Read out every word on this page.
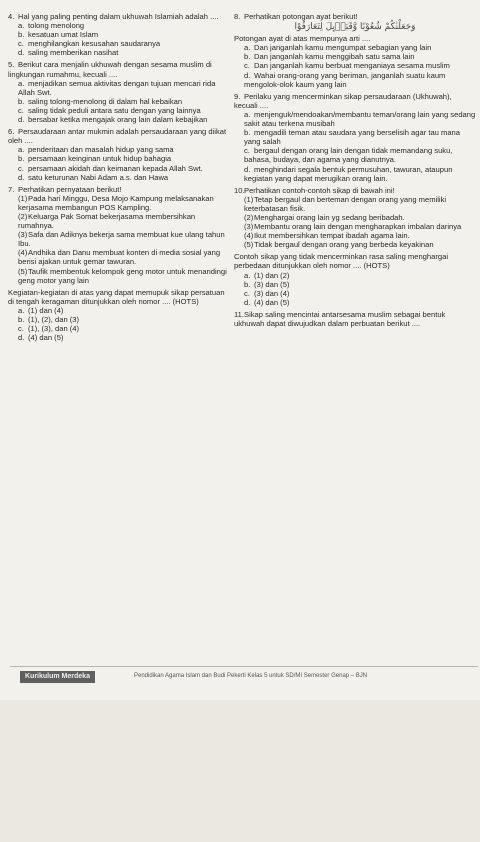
4. Hal yang paling penting dalam ukhuwah Islamiah adalah ....
a. tolong menolong
b. kesatuan umat Islam
c. menghilangkan kesusahan saudaranya
d. saling memberikan nasihat
5. Berikut cara menjalin ukhuwah dengan sesama muslim di lingkungan rumahmu, kecuali ....
a. menjadikan semua aktivitas dengan tujuan mencari rida Allah Swt.
b. saling tolong-menolong di dalam hal kebaikan
c. saling tidak peduli antara satu dengan yang lainnya
d. bersabar ketika mengajak orang lain dalam kebajikan
6. Persaudaraan antar mukmin adalah persaudaraan yang diikat oleh ....
a. penderitaan dan masalah hidup yang sama
b. persamaan keinginan untuk hidup bahagia
c. persamaan akidah dan keimanan kepada Allah Swt.
d. satu keturunan Nabi Adam a.s. dan Hawa
7. Perhatikan pernyataan berikut!
(1)Pada hari Minggu, Desa Mojo Kampung melaksanakan kerjasama membangun POS Kampling.
(2)Keluarga Pak Somat bekerjasama membersihkan rumahnya.
(3)Safa dan Adiknya bekerja sama membuat kue ulang tahun Ibu.
(4)Andhika dan Danu membuat konten di media sosial yang berisi ajakan untuk gemar tawuran.
(5)Taufik membentuk kelompok geng motor untuk menandingi geng motor yang lain
Kegiatan-kegiatan di atas yang dapat memupuk sikap persatuan di tengah keragaman ditunjukkan oleh nomor .... (HOTS)
a. (1) dan (4)
b. (1), (2), dan (3)
c. (1), (3), dan (4)
d. (4) dan (5)
8. Perhatikan potongan ayat berikut!
وَجَعَلْنٰكُمْ شُعُوْبًا وَّقَبَاۤىِٕلَ لِتَعَارَفُوْا
Potongan ayat di atas mempunya arti ....
a. Dan janganlah kamu mengumpat sebagian yang lain
b. Dan janganlah kamu menggibah satu sama lain
c. Dan janganlah kamu berbuat menganiaya sesama muslim
d. Wahai orang-orang yang beriman, janganlah suatu kaum mengolok-olok kaum yang lain
9. Perilaku yang mencerminkan sikap persaudaraan (Ukhuwah), kecuali ....
a. menjenguk/mendoakan/membantu teman/orang lain yang sedang sakit atau terkena musibah
b. mengadili teman atau saudara yang berselisih agar tau mana yang salah
c. bergaul dengan orang lain dengan tidak memandang suku, bahasa, budaya, dan agama yang dianutnya.
d. menghindari segala bentuk permusuhan, tawuran, ataupun kegiatan yang dapat merugikan orang lain.
10.Perhatikan contoh-contoh sikap di bawah ini!
(1)Tetap bergaul dan berteman dengan orang yang memiliki keterbatasan fisik.
(2)Menghargai orang lain yg sedang beribadah.
(3)Membantu orang lain dengan mengharapkan imbalan darinya
(4)Ikut membersihkan tempat ibadah agama lain.
(5)Tidak bergaul dengan orang yang berbeda keyakinan
Contoh sikap yang tidak mencerminkan rasa saling menghargai perbedaan ditunjukkan oleh nomor .... (HOTS)
a. (1) dan (2)
b. (3) dan (5)
c. (3) dan (4)
d. (4) dan (5)
11.Sikap saling mencintai antarsesama muslim sebagai bentuk ukhuwah dapat diwujudkan dalam perbuatan berikut ....
Kurikulum Merdeka	Pendidikan Agama Islam dan Budi Pekerti Kelas 5 untuk SD/MI Semester Genap – BJN
